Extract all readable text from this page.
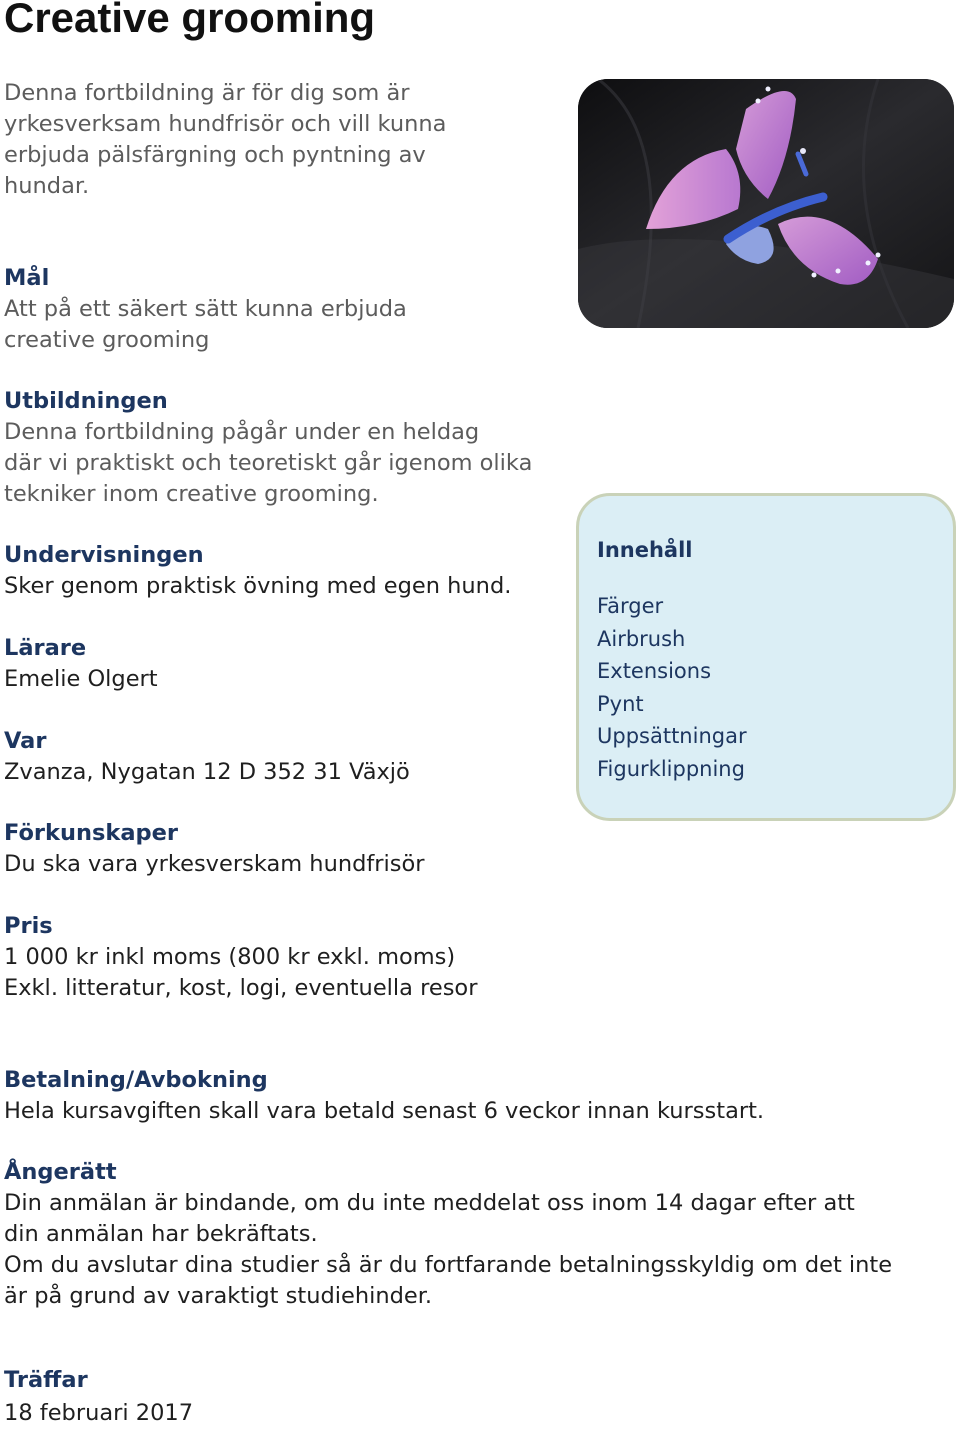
Creative grooming

Denna fortbildning är för dig som är
yrkesverksam hundfrisör och vill kunna
erbjuda pälsfärgning och pyntning av
hundar.

Mål

Att på ett säkert sätt kunna erbjuda
creative grooming

Utbildningen

Denna fortbildning pågår under en heldag
där vi praktiskt och teoretiskt går igenom olika
tekniker inom creative grooming.

Undervisningen

Sker genom praktisk övning med egen hund.

Lärare

Emelie Olgert

Var

Zvanza, Nygatan 12 D 352 31 Växjö

Innehåll
Färger
Airbrush
Extensions
Pynt
Uppsättningar
Figurklippning
Förkunskaper

Du ska vara yrkesverskam hundfrisör

Pris

1 000 kr inkl moms (800 kr exkl. moms)
Exkl. litteratur, kost, logi, eventuella resor

Betalning/Avbokning

Hela kursavgiften skall vara betald senast 6 veckor innan kursstart.

Ångerätt

Din anmälan är bindande, om du inte meddelat oss inom 14 dagar efter att
din anmälan har bekräftats.
Om du avslutar dina studier så är du fortfarande betalningsskyldig om det inte
är på grund av varaktigt studiehinder.

Träffar

18 februari 2017
